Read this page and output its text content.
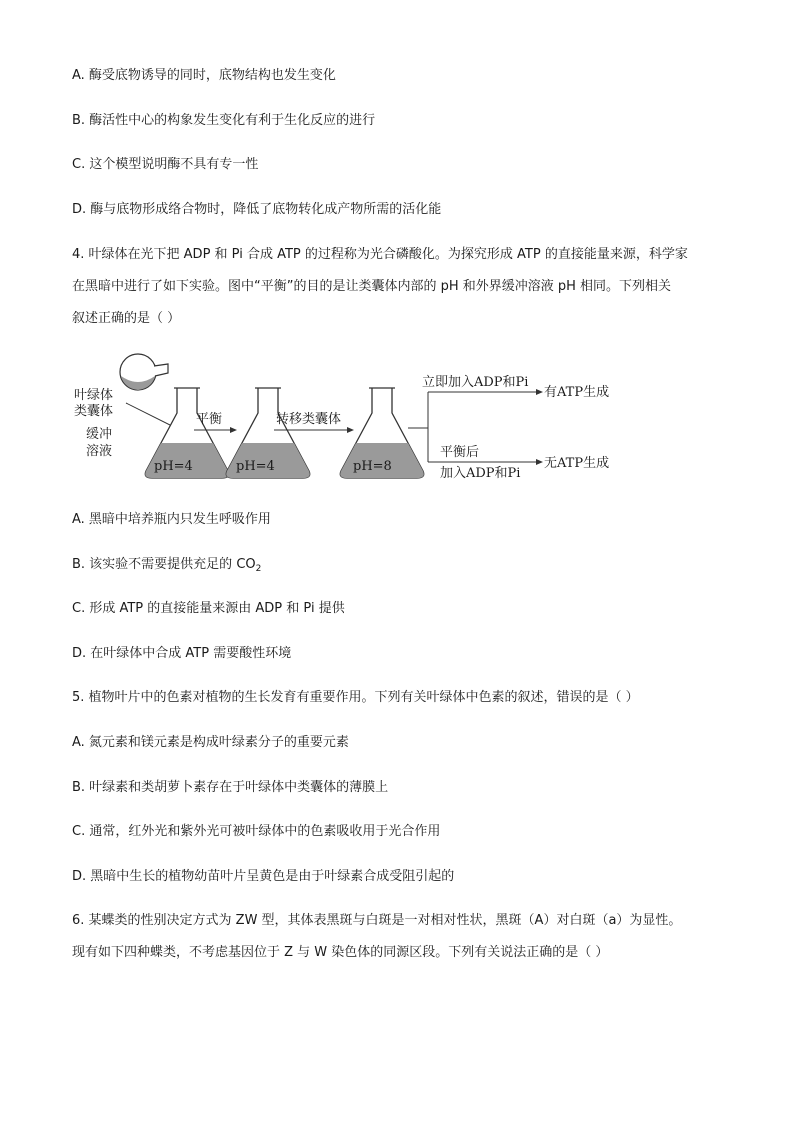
A. 酶受底物诱导的同时，底物结构也发生变化
B. 酶活性中心的构象发生变化有利于生化反应的进行
C. 这个模型说明酶不具有专一性
D. 酶与底物形成络合物时，降低了底物转化成产物所需的活化能
4. 叶绿体在光下把 ADP 和 Pi 合成 ATP 的过程称为光合磷酸化。为探究形成 ATP 的直接能量来源，科学家
在黑暗中进行了如下实验。图中“平衡”的目的是让类囊体内部的 pH 和外界缓冲溶液 pH 相同。下列相关
叙述正确的是（ ）
叶绿体
类囊体
pH=4
缓冲
溶液
平衡
pH=4
转移类囊体
pH=8
立即加入ADP和Pi
有ATP生成
平衡后
加入ADP和Pi
无ATP生成
A. 黑暗中培养瓶内只发生呼吸作用
B. 该实验不需要提供充足的 $CO_2$
C. 形成 ATP 的直接能量来源由 ADP 和 Pi 提供
D. 在叶绿体中合成 ATP 需要酸性环境
5. 植物叶片中的色素对植物的生长发育有重要作用。下列有关叶绿体中色素的叙述，错误的是（ ）
A. 氮元素和镁元素是构成叶绿素分子的重要元素
B. 叶绿素和类胡萝卜素存在于叶绿体中类囊体的薄膜上
C. 通常，红外光和紫外光可被叶绿体中的色素吸收用于光合作用
D. 黑暗中生长的植物幼苗叶片呈黄色是由于叶绿素合成受阻引起的
6. 某蝶类的性别决定方式为 ZW 型，其体表黑斑与白斑是一对相对性状，黑斑（A）对白斑（a）为显性。
现有如下四种蝶类，不考虑基因位于 Z 与 W 染色体的同源区段。下列有关说法正确的是（ ）
